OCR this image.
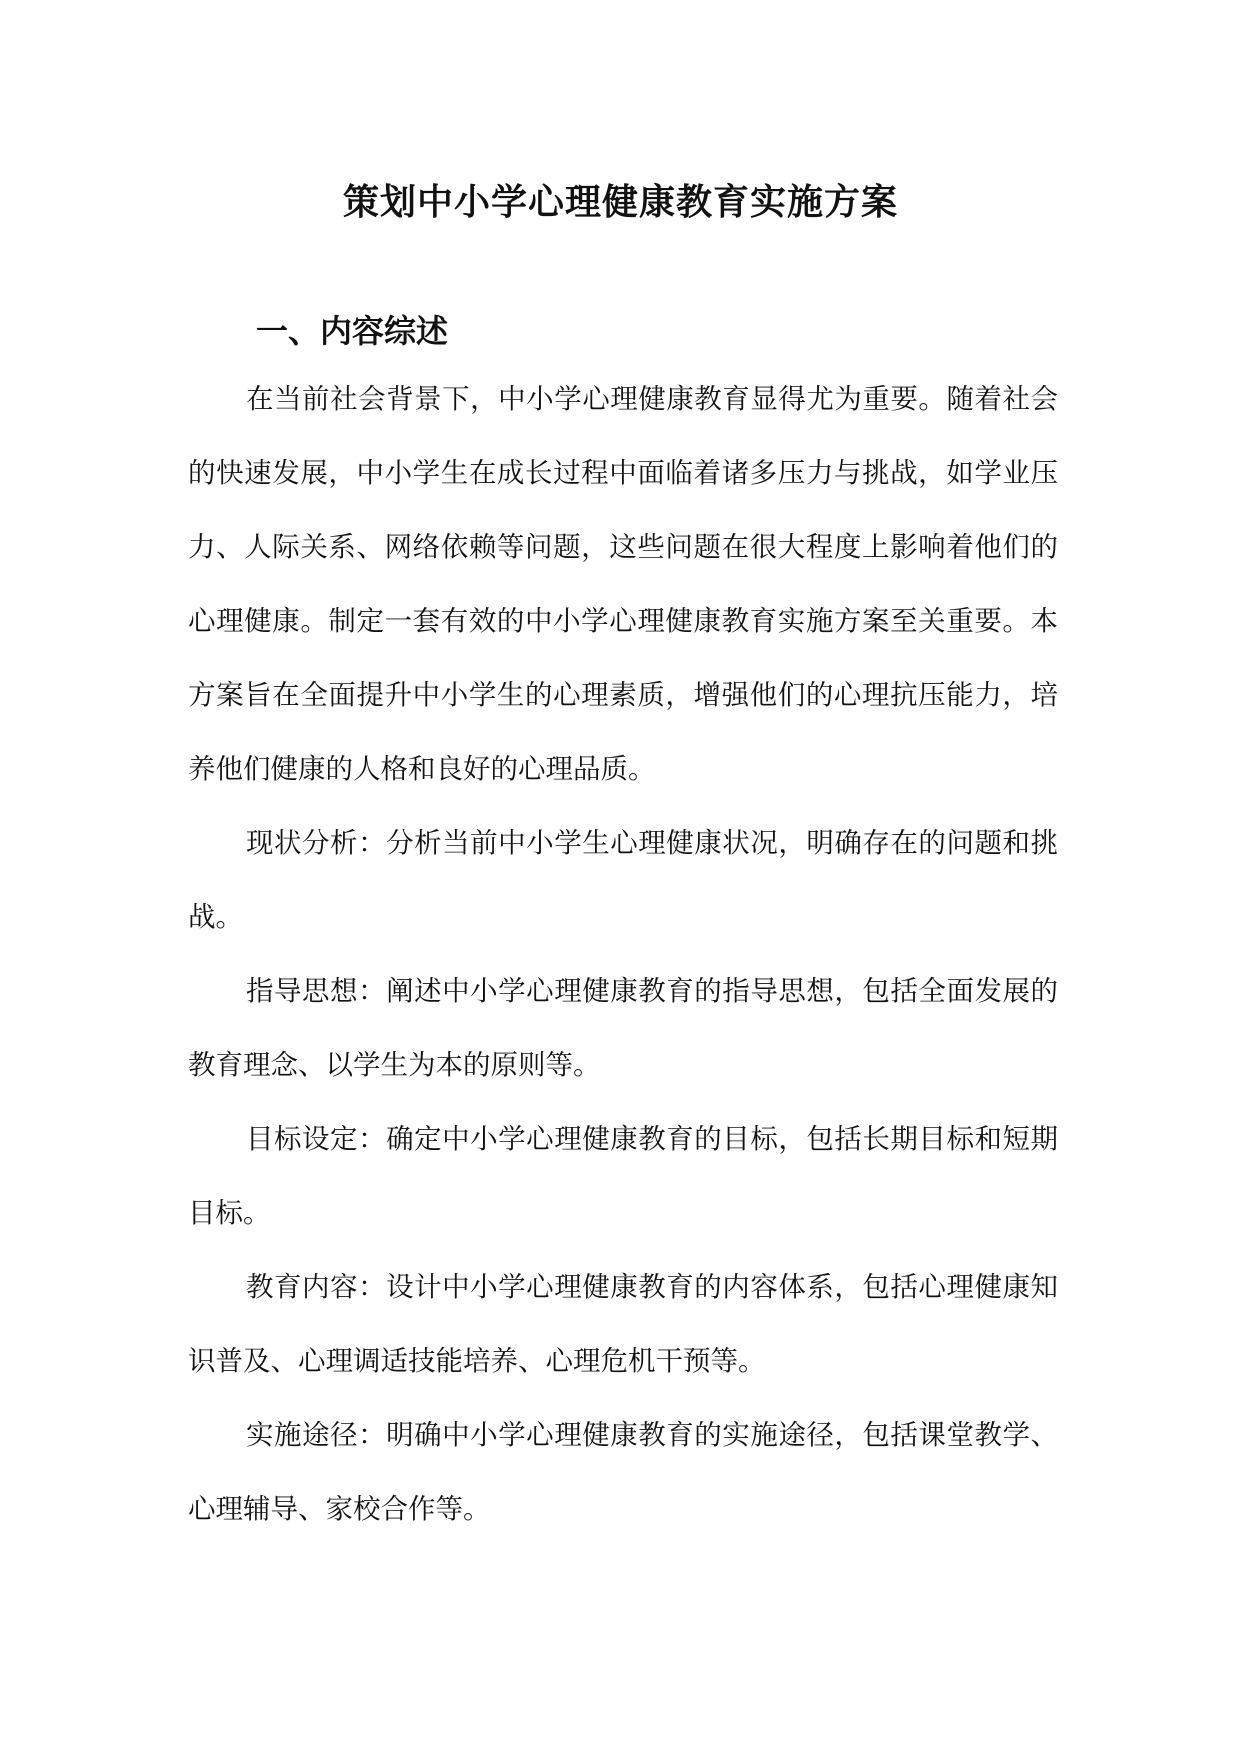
策划中小学心理健康教育实施方案
一、内容综述

在当前社会背景下，中小学心理健康教育显得尤为重要。随着社会的快速发展，中小学生在成长过程中面临着诸多压力与挑战，如学业压力、人际关系、网络依赖等问题，这些问题在很大程度上影响着他们的心理健康。制定一套有效的中小学心理健康教育实施方案至关重要。本方案旨在全面提升中小学生的心理素质，增强他们的心理抗压能力，培养他们健康的人格和良好的心理品质。

现状分析：分析当前中小学生心理健康状况，明确存在的问题和挑战。

指导思想：阐述中小学心理健康教育的指导思想，包括全面发展的教育理念、以学生为本的原则等。

目标设定：确定中小学心理健康教育的目标，包括长期目标和短期目标。

教育内容：设计中小学心理健康教育的内容体系，包括心理健康知识普及、心理调适技能培养、心理危机干预等。

实施途径：明确中小学心理健康教育的实施途径，包括课堂教学、心理辅导、家校合作等。
